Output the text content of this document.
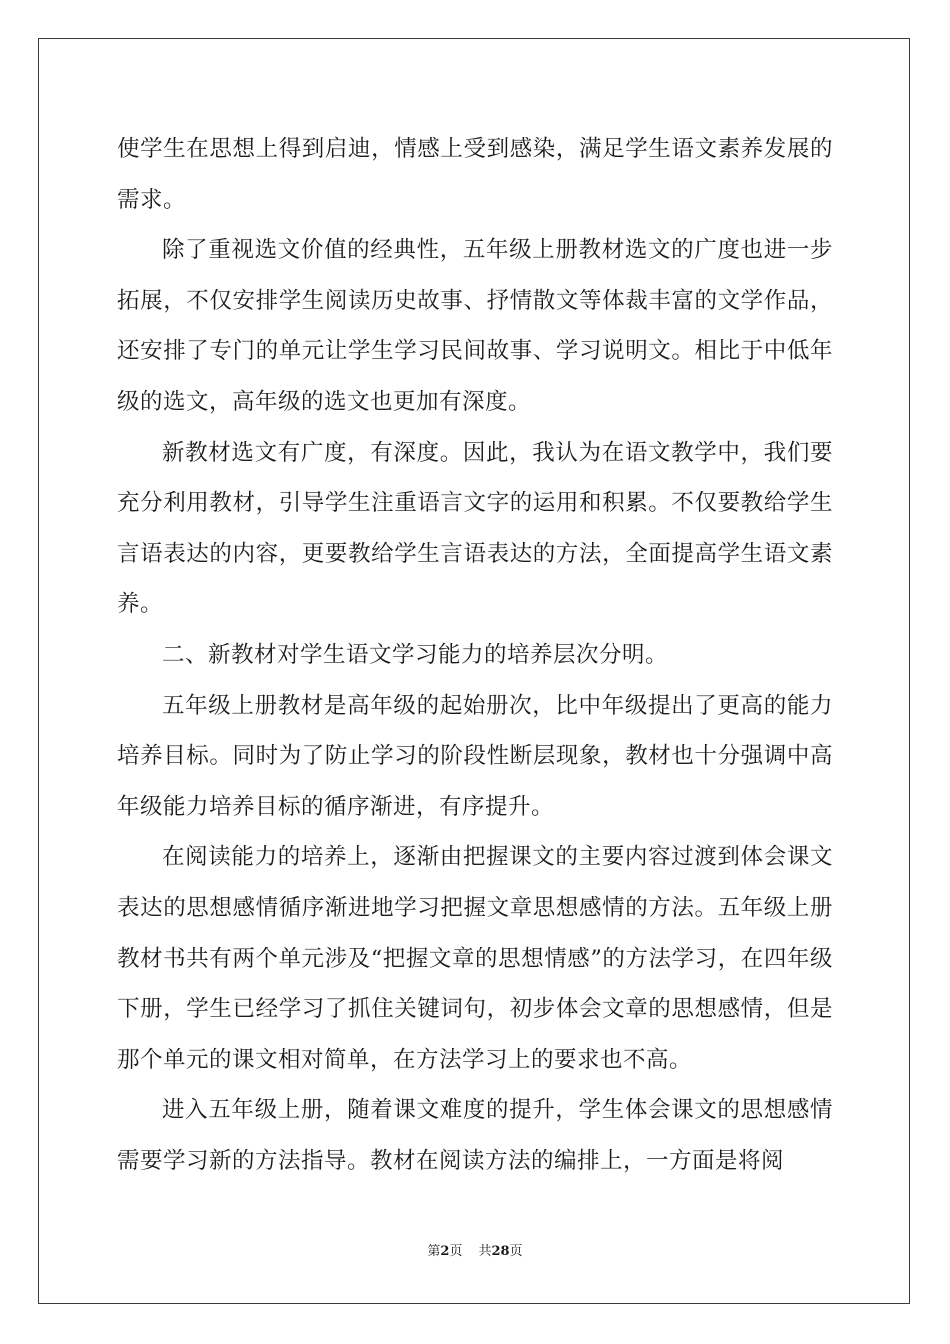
使学生在思想上得到启迪，情感上受到感染，满足学生语文素养发展的需求。

除了重视选文价值的经典性，五年级上册教材选文的广度也进一步拓展，不仅安排学生阅读历史故事、抒情散文等体裁丰富的文学作品，还安排了专门的单元让学生学习民间故事、学习说明文。相比于中低年级的选文，高年级的选文也更加有深度。

新教材选文有广度，有深度。因此，我认为在语文教学中，我们要充分利用教材，引导学生注重语言文字的运用和积累。不仅要教给学生言语表达的内容，更要教给学生言语表达的方法，全面提高学生语文素养。

二、新教材对学生语文学习能力的培养层次分明。

五年级上册教材是高年级的起始册次，比中年级提出了更高的能力培养目标。同时为了防止学习的阶段性断层现象，教材也十分强调中高年级能力培养目标的循序渐进，有序提升。

在阅读能力的培养上，逐渐由把握课文的主要内容过渡到体会课文表达的思想感情循序渐进地学习把握文章思想感情的方法。五年级上册教材书共有两个单元涉及“把握文章的思想情感”的方法学习，在四年级下册，学生已经学习了抓住关键词句，初步体会文章的思想感情，但是那个单元的课文相对简单，在方法学习上的要求也不高。

进入五年级上册，随着课文难度的提升，学生体会课文的思想感情需要学习新的方法指导。教材在阅读方法的编排上，一方面是将阅

第2页 共28页
